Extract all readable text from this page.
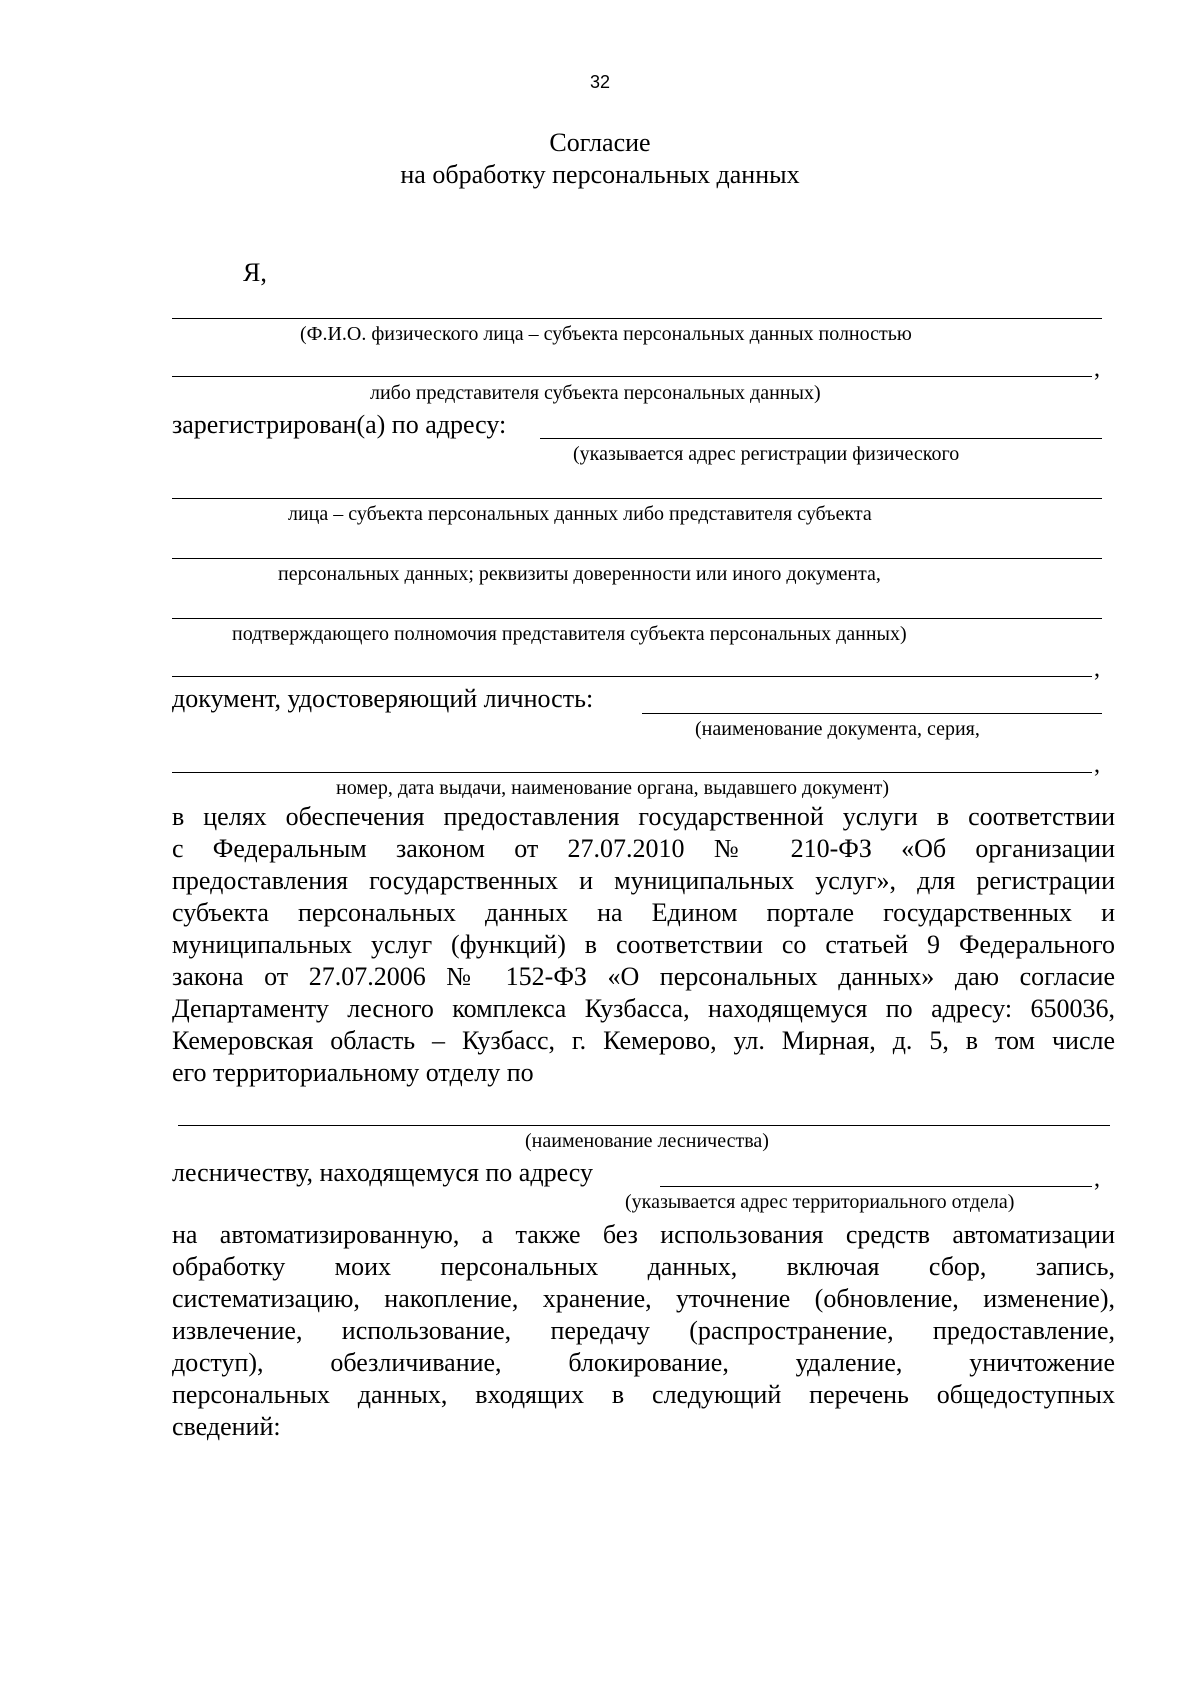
32
Согласие
на обработку персональных данных
Я,
(Ф.И.О. физического лица – субъекта персональных данных полностью
,
либо представителя субъекта персональных данных)
зарегистрирован(а) по адресу:
(указывается адрес регистрации физического
лица – субъекта персональных данных либо представителя субъекта
персональных данных; реквизиты доверенности или иного документа,
подтверждающего полномочия представителя субъекта персональных данных)
,
документ, удостоверяющий личность:
(наименование документа, серия,
,
номер, дата выдачи, наименование органа, выдавшего документ)
в целях обеспечения предоставления государственной услуги в соответствии
с Федеральным законом от 27.07.2010 № 210-ФЗ «Об организации
предоставления государственных и муниципальных услуг», для регистрации
субъекта персональных данных на Едином портале государственных и
муниципальных услуг (функций) в соответствии со статьей 9 Федерального
закона от 27.07.2006 № 152-ФЗ «О персональных данных» даю согласие
Департаменту лесного комплекса Кузбасса, находящемуся по адресу: 650036,
Кемеровская область – Кузбасс, г. Кемерово, ул. Мирная, д. 5, в том числе
его территориальному отделу по
(наименование лесничества)
лесничеству, находящемуся по адресу	,
(указывается адрес территориального отдела)
на автоматизированную, а также без использования средств автоматизации
обработку моих персональных данных, включая сбор, запись,
систематизацию, накопление, хранение, уточнение (обновление, изменение),
извлечение, использование, передачу (распространение, предоставление,
доступ), обезличивание, блокирование, удаление, уничтожение
персональных данных, входящих в следующий перечень общедоступных
сведений:
